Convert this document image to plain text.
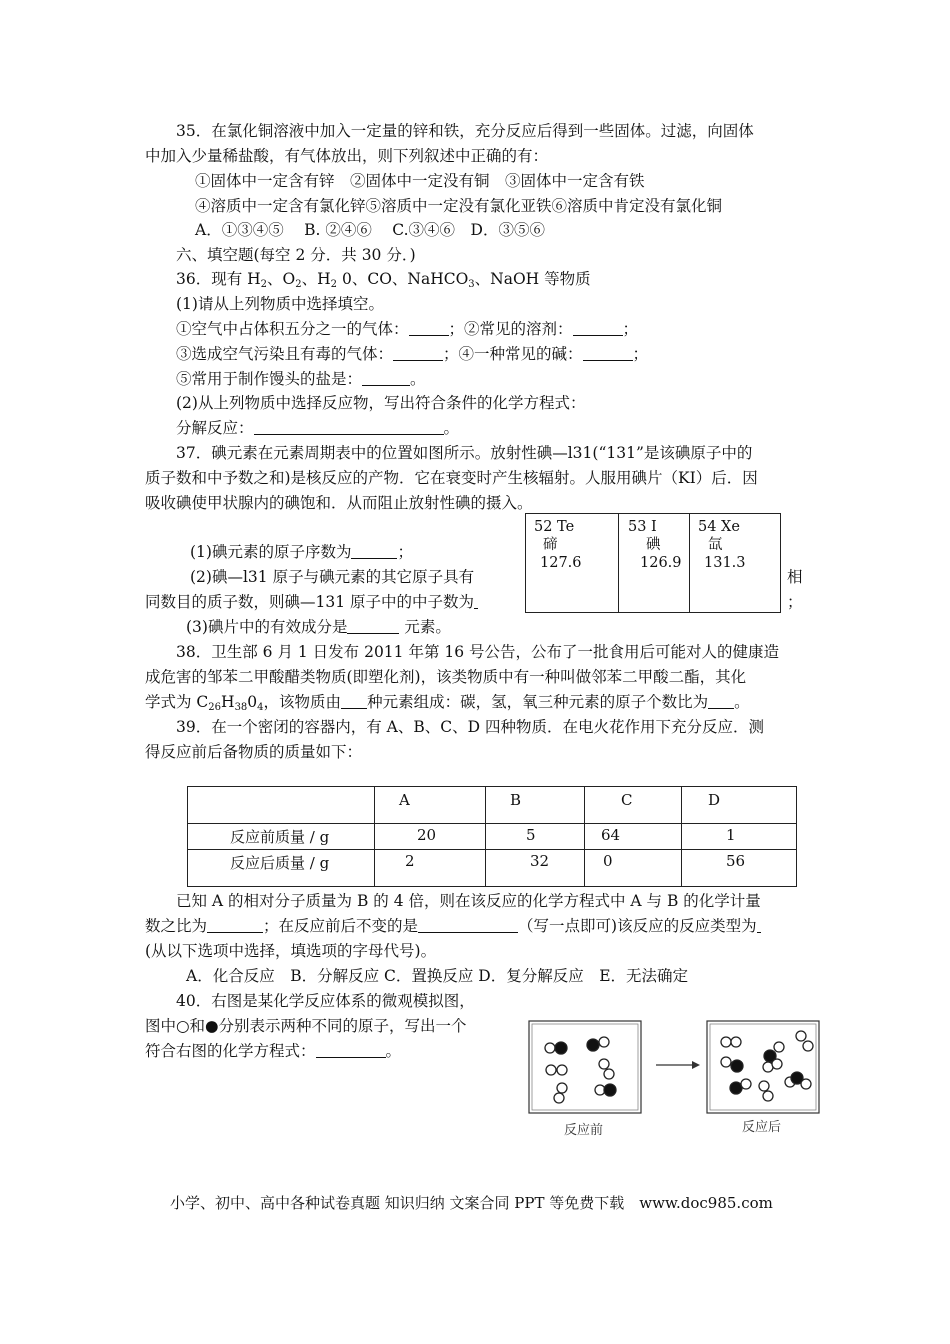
35．在氯化铜溶液中加入一定量的锌和铁，充分反应后得到一些固体。过滤，向固体
中加入少量稀盐酸，有气体放出，则下列叙述中正确的有：
①固体中一定含有锌　②固体中一定没有铜　③固体中一定含有铁
④溶质中一定含有氯化锌⑤溶质中一定没有氯化亚铁⑥溶质中肯定没有氯化铜
A．①③④⑤　 B. ②④⑥　 C.③④⑥　D．③⑤⑥
六、填空题(每空 2 分．共 30 分．)
36．现有 $H_2$、$O_2$、$H_2$ 0、CO、NaHCO$_3$、NaOH 等物质
(1)请从上列物质中选择填空。
①空气中占体积五分之一的气体：	；②常见的溶剂：	；
③选成空气污染且有毒的气体：	；④一种常见的碱：	；
⑤常用于制作馒头的盐是：	。
(2)从上列物质中选择反应物，写出符合条件的化学方程式：
分解反应：	。
37．碘元素在元素周期表中的位置如图所示。放射性碘—l31(“131”是该碘原子中的
质子数和中予数之和)是核反应的产物．它在衰变时产生核辐射。人服用碘片（KI）后．因
吸收碘使甲状腺内的碘饱和．从而阻止放射性碘的摄入。
52 Te
碲
127.6
53 I
碘
126.9
54 Xe
氙
131.3
(1)碘元素的原子序数为	；
(2)碘—l31 原子与碘元素的其它原子具有	相
同数目的质子数，则碘—131 原子中的中子数为	；
(3)碘片中的有效成分是	元素。
38．卫生部 6 月 1 日发布 2011 年第 16 号公告，公布了一批食用后可能对人的健康造
成危害的邹苯二甲酸醋类物质(即塑化剂)，该类物质中有一种叫做邻苯二甲酸二酯，其化
学式为 $C_{26}H_{38}0_4$，该物质由 种元素组成：碳，氢，氧三种元素的原子个数比为 。
39．在一个密闭的容器内，有 A、B、C、D 四种物质．在电火花作用下充分反应．测
得反应前后备物质的质量如下：
	A	B	C	D
反应前质量 / g	20	5	64	1
反应后质量 / g	2	32	0	56
已知 A 的相对分子质量为 B 的 4 倍，则在该反应的化学方程式中 A 与 B 的化学计量
数之比为	；在反应前后不变的是	（写一点即可)该反应的反应类型为
(从以下选项中选择，填选项的字母代号)。
A．化合反应　B．分解反应 C．置换反应 D．复分解反应　E．无法确定
40．右图是某化学反应体系的微观模拟图，
图中○和●分别表示两种不同的原子，写出一个
符合右图的化学方程式：	。
反应前	反应后
小学、初中、高中各种试卷真题 知识归纳 文案合同 PPT 等免费下载　www.doc985.com
